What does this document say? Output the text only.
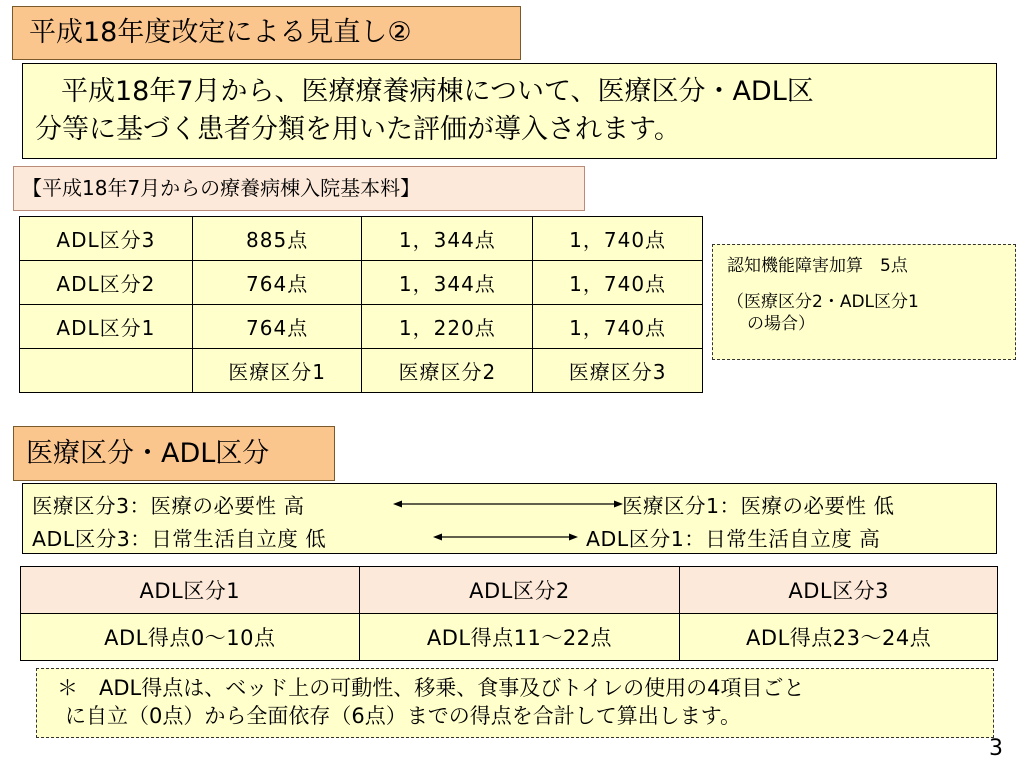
平成18年度改定による見直し②
平成18年7月から、医療療養病棟について、医療区分・ADL区
分等に基づく患者分類を用いた評価が導入されます。
【平成18年7月からの療養病棟入院基本料】
ADL区分3	885点	1，344点	1，740点
ADL区分2	764点	1，344点	1，740点
ADL区分1	764点	1，220点	1，740点
	医療区分1	医療区分2	医療区分3
認知機能障害加算　5点
（医療区分2・ADL区分1
の場合）
医療区分・ADL区分
医療区分3：医療の必要性 高	医療区分1：医療の必要性 低
ADL区分3：日常生活自立度 低	ADL区分1：日常生活自立度 高
ADL区分1	ADL区分2	ADL区分3
ADL得点0～10点	ADL得点11～22点	ADL得点23～24点
＊　ADL得点は、ベッド上の可動性、移乗、食事及びトイレの使用の4項目ごと
に自立（0点）から全面依存（6点）までの得点を合計して算出します。
3
